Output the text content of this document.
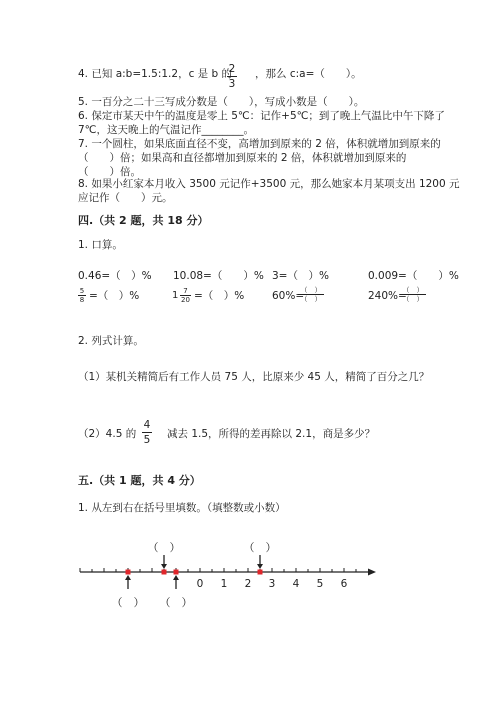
4. 已知 a:b=1.5:1.2，c 是 b 的
2
3
，那么 c:a=（　　）。
5. 一百分之二十三写成分数是（　　），写成小数是（　　）。
6. 保定市某天中午的温度是零上 5℃：记作+5℃；到了晚上气温比中午下降了
7℃，这天晚上的气温记作________。
7. 一个圆柱，如果底面直径不变，高增加到原来的 2 倍，体积就增加到原来的
（　　）倍；如果高和直径都增加到原来的 2 倍，体积就增加到原来的
（　　）倍。
8. 如果小红家本月收入 3500 元记作+3500 元，那么她家本月某项支出 1200 元
应记作（　　）元。
四.（共 2 题，共 18 分）
1. 口算。
0.46=（　）% 10.08=（　　）% 3=（　）%	0.009=（　　）%
5
8 =（　）%	1 7
20 =（　）%	60%=
（　）
（　）	240%=
（　）
（　）
2. 列式计算。
（1）某机关精简后有工作人员 75 人，比原来少 45 人，精简了百分之几？
（2）4.5 的
4
5 减去 1.5，所得的差再除以 2.1，商是多少？
五.（共 1 题，共 4 分）
1. 从左到右在括号里填数。（填整数或小数）
0 1 2 3 4 5 6
（　）	（　）
（　） （　）
